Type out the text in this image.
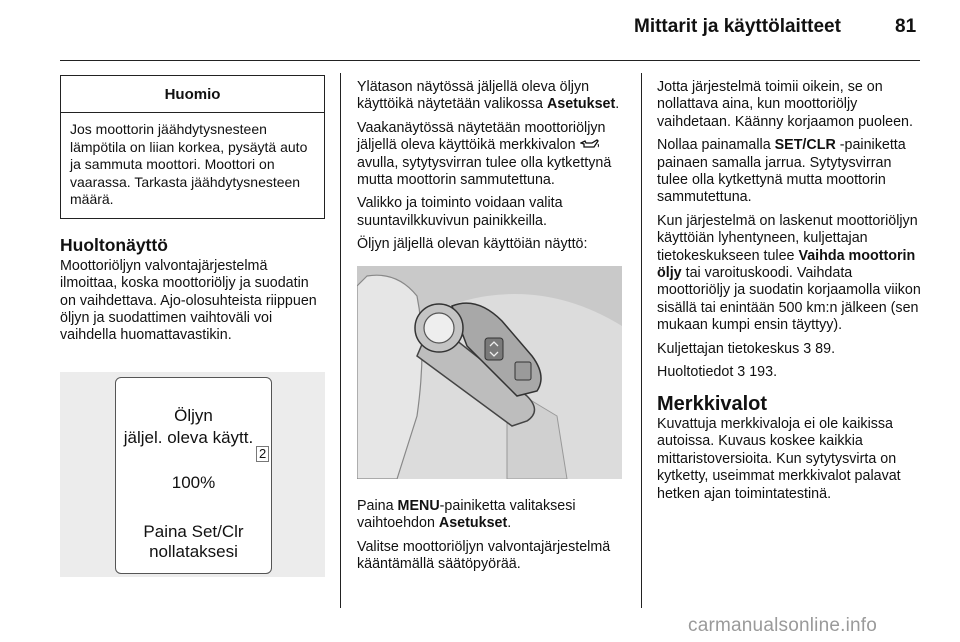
Mittarit ja käyttölaitteet	81
Huomio
Jos moottorin jäähdytysnesteen lämpötila on liian korkea, pysäytä auto ja sammuta moottori. Moottori on vaarassa. Tarkasta jäähdytysnesteen määrä.
Huoltonäyttö

Moottoriöljyn valvontajärjestelmä ilmoittaa, koska moottoriöljy ja suodatin on vaihdettava. Ajo-olosuhteista riippuen öljyn ja suodattimen vaihtoväli voi vaihdella huomattavastikin.

Öljyn
jäljel. oleva käytt.
2
100%
Paina Set/Clr
nollataksesi

Ylätason näytössä jäljellä oleva öljyn käyttöikä näytetään valikossa Asetukset.

Vaakanäytössä näytetään moottoriöljyn jäljellä oleva käyttöikä merkkivalon  avulla, sytytysvirran tulee olla kytkettynä mutta moottorin sammutettuna.

Valikko ja toiminto voidaan valita suuntavilkkuvivun painikkeilla.

Öljyn jäljellä olevan käyttöiän näyttö:

Paina MENU-painiketta valitaksesi vaihtoehdon Asetukset.

Valitse moottoriöljyn valvontajärjestelmä kääntämällä säätöpyörää.

Jotta järjestelmä toimii oikein, se on nollattava aina, kun moottoriöljy vaihdetaan. Käänny korjaamon puoleen.

Nollaa painamalla SET/CLR -painiketta painaen samalla jarrua. Sytytysvirran tulee olla kytkettynä mutta moottorin sammutettuna.

Kun järjestelmä on laskenut moottoriöljyn käyttöiän lyhentyneen, kuljettajan tietokeskukseen tulee Vaihda moottorin öljy tai varoituskoodi. Vaihdata moottoriöljy ja suodatin korjaamolla viikon sisällä tai enintään 500 km:n jälkeen (sen mukaan kumpi ensin täyttyy).

Kuljettajan tietokeskus 3 89.

Huoltotiedot 3 193.

Merkkivalot

Kuvattuja merkkivaloja ei ole kaikissa autoissa. Kuvaus koskee kaikkia mittaristoversioita. Kun sytytysvirta on kytketty, useimmat merkkivalot palavat hetken ajan toimintatestinä.

carmanualsonline.info
